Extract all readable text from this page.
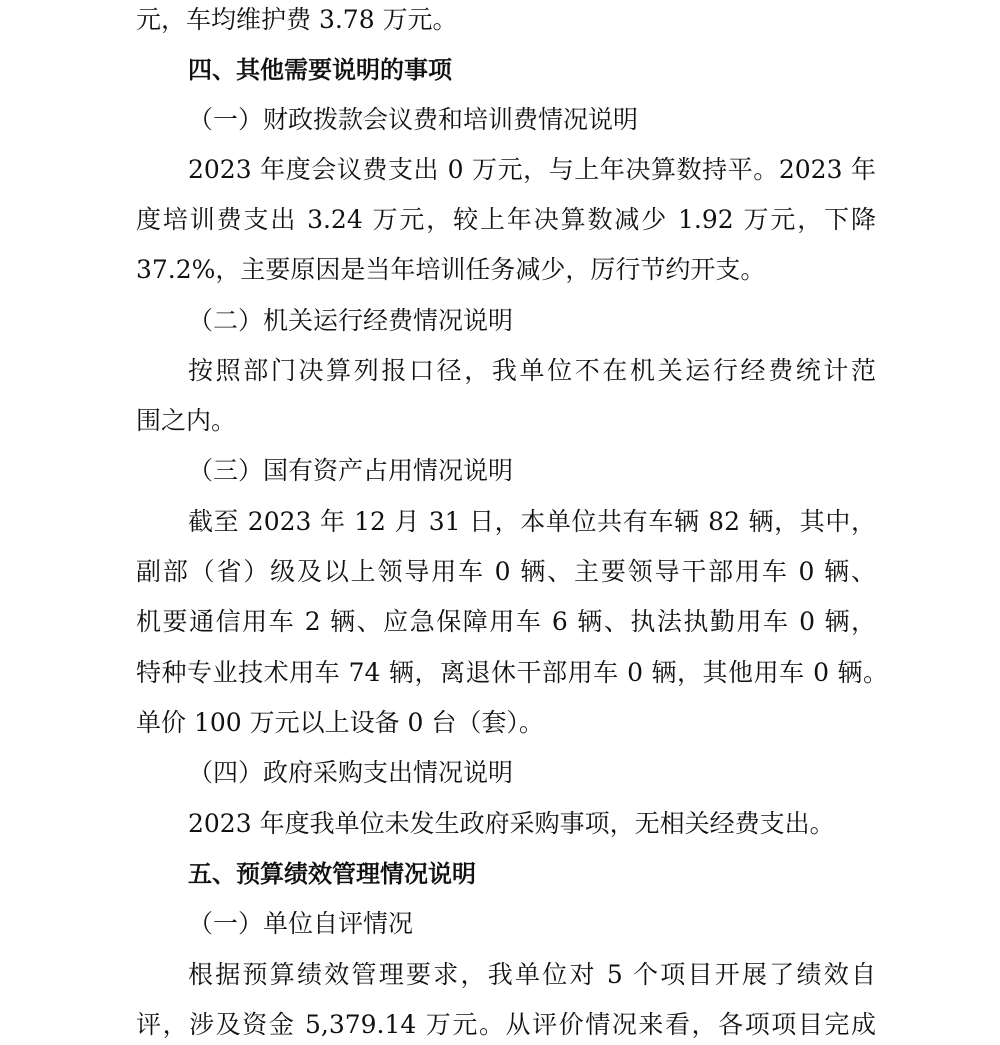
元，车均维护费 3.78 万元。
四、其他需要说明的事项
（一）财政拨款会议费和培训费情况说明
2023 年度会议费支出 0 万元，与上年决算数持平。2023 年
度培训费支出 3.24 万元，较上年决算数减少 1.92 万元，下降
37.2%，主要原因是当年培训任务减少，厉行节约开支。
（二）机关运行经费情况说明
按照部门决算列报口径，我单位不在机关运行经费统计范
围之内。
（三）国有资产占用情况说明
截至 2023 年 12 月 31 日，本单位共有车辆 82 辆，其中，
副部（省）级及以上领导用车 0 辆、主要领导干部用车 0 辆、
机要通信用车 2 辆、应急保障用车 6 辆、执法执勤用车 0 辆，
特种专业技术用车 74 辆，离退休干部用车 0 辆，其他用车 0 辆。
单价 100 万元以上设备 0 台（套）。
（四）政府采购支出情况说明
2023 年度我单位未发生政府采购事项，无相关经费支出。
五、预算绩效管理情况说明
（一）单位自评情况
根据预算绩效管理要求，我单位对 5 个项目开展了绩效自
评，涉及资金 5,379.14 万元。从评价情况来看，各项项目完成
